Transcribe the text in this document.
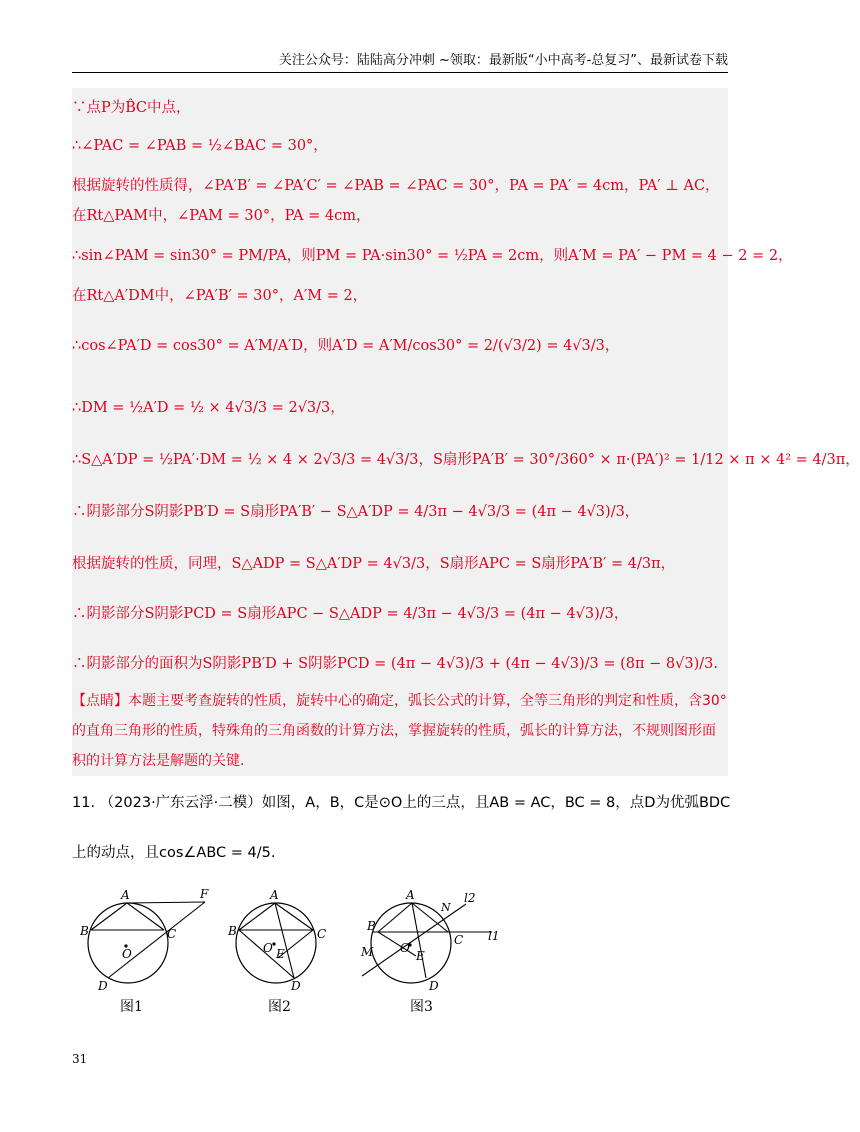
关注公众号：陆陆高分冲刺 ~领取：最新版“小中高考-总复习”、最新试卷下载
∵点P为B̂C中点，
∴∠PAC = ∠PAB = ½∠BAC = 30°，
根据旋转的性质得，∠PA′B′ = ∠PA′C′ = ∠PAB = ∠PAC = 30°，PA = PA′ = 4cm，PA′ ⊥ AC，
在Rt△PAM中，∠PAM = 30°，PA = 4cm，
∴sin∠PAM = sin30° = PM/PA，则PM = PA·sin30° = ½PA = 2cm，则A′M = PA′ − PM = 4 − 2 = 2，
在Rt△A′DM中，∠PA′B′ = 30°，A′M = 2，
∴cos∠PA′D = cos30° = A′M/A′D，则A′D = A′M/cos30° = 2/(√3/2) = 4√3/3，
∴DM = ½A′D = ½ × 4√3/3 = 2√3/3，
∴S△A′DP = ½PA′·DM = ½ × 4 × 2√3/3 = 4√3/3，S扇形PA′B′ = 30°/360° × π·(PA′)² = 1/12 × π × 4² = 4/3π，
∴阴影部分S阴影PB′D = S扇形PA′B′ − S△A′DP = 4/3π − 4√3/3 = (4π − 4√3)/3，
根据旋转的性质，同理，S△ADP = S△A′DP = 4√3/3，S扇形APC = S扇形PA′B′ = 4/3π，
∴阴影部分S阴影PCD = S扇形APC − S△ADP = 4/3π − 4√3/3 = (4π − 4√3)/3，
∴阴影部分的面积为S阴影PB′D + S阴影PCD = (4π − 4√3)/3 + (4π − 4√3)/3 = (8π − 8√3)/3.
【点睛】本题主要考查旋转的性质，旋转中心的确定，弧长公式的计算，全等三角形的判定和性质，含30°的直角三角形的性质，特殊角的三角函数的计算方法，掌握旋转的性质，弧长的计算方法，不规则图形面积的计算方法是解题的关键.
11. （2023·广东云浮·二模）如图，A，B，C是⊙O上的三点，且AB = AC，BC = 8，点D为优弧BDC
上的动点，且cos∠ABC = 4/5.
A	F
B	C
O
D
A
B	C
O E
D
A
N
l2
B
C l1
M O
E
D
图1	图2	图3
31
